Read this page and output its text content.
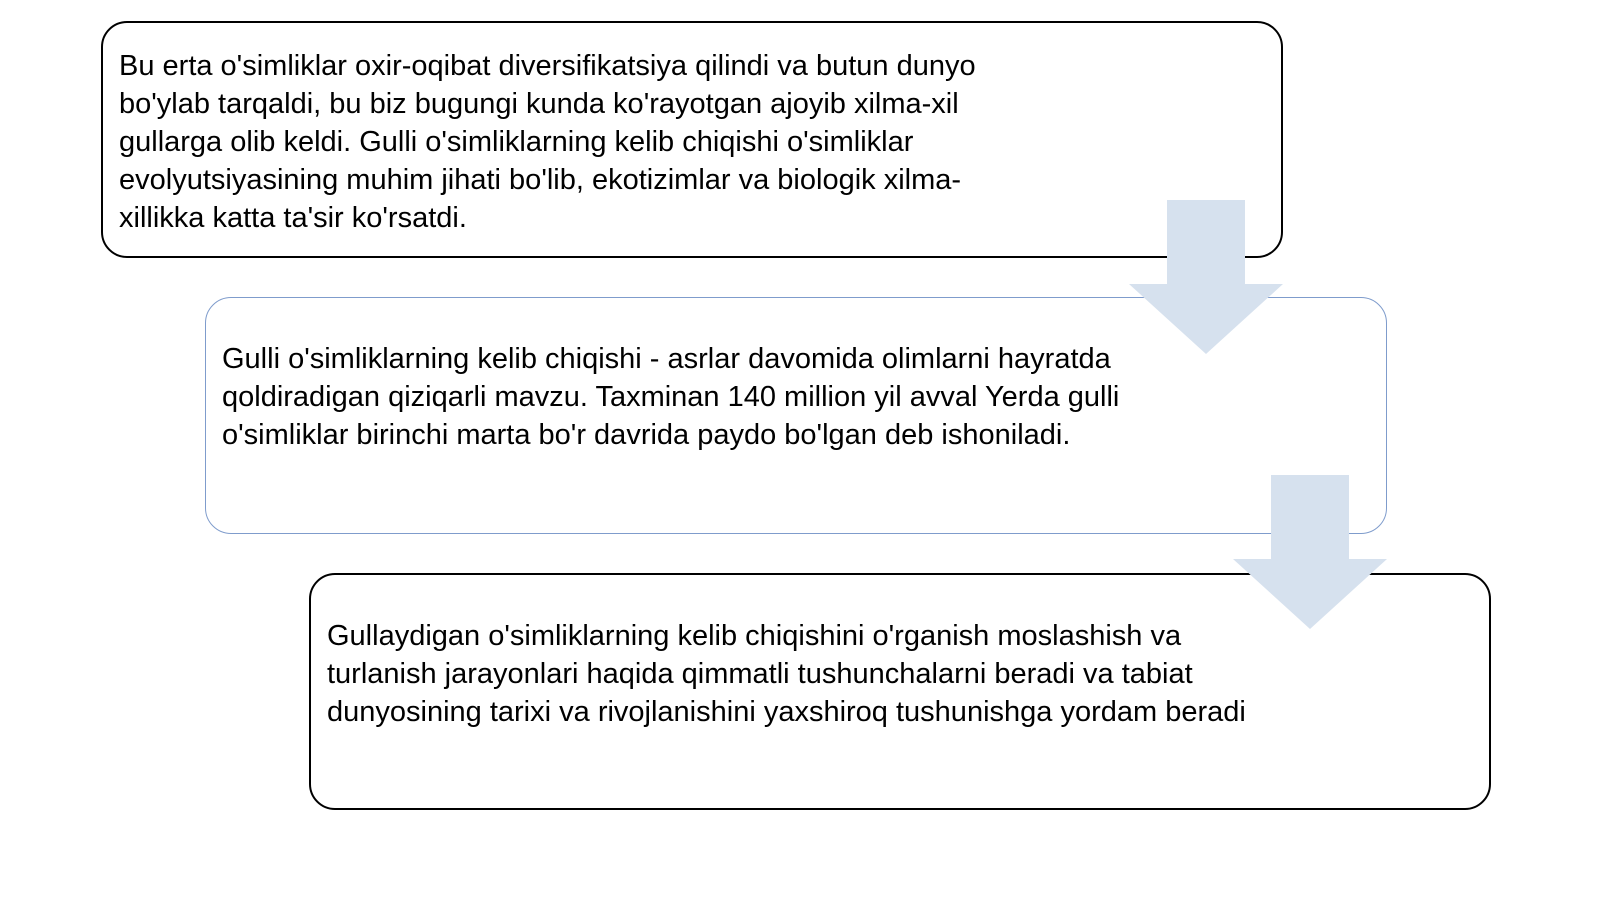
Bu erta o'simliklar oxir-oqibat diversifikatsiya qilindi va butun dunyo bo'ylab tarqaldi, bu biz bugungi kunda ko'rayotgan ajoyib xilma-xil gullarga olib keldi. Gulli o'simliklarning kelib chiqishi o'simliklar evolyutsiyasining muhim jihati bo'lib, ekotizimlar va biologik xilma-xillikka katta ta'sir ko'rsatdi.
Gulli o'simliklarning kelib chiqishi - asrlar davomida olimlarni hayratda qoldiradigan qiziqarli mavzu. Taxminan 140 million yil avval Yerda gulli o'simliklar birinchi marta bo'r davrida paydo bo'lgan deb ishoniladi.
Gullaydigan o'simliklarning kelib chiqishini o'rganish moslashish va turlanish jarayonlari haqida qimmatli tushunchalarni beradi va tabiat dunyosining tarixi va rivojlanishini yaxshiroq tushunishga yordam beradi
